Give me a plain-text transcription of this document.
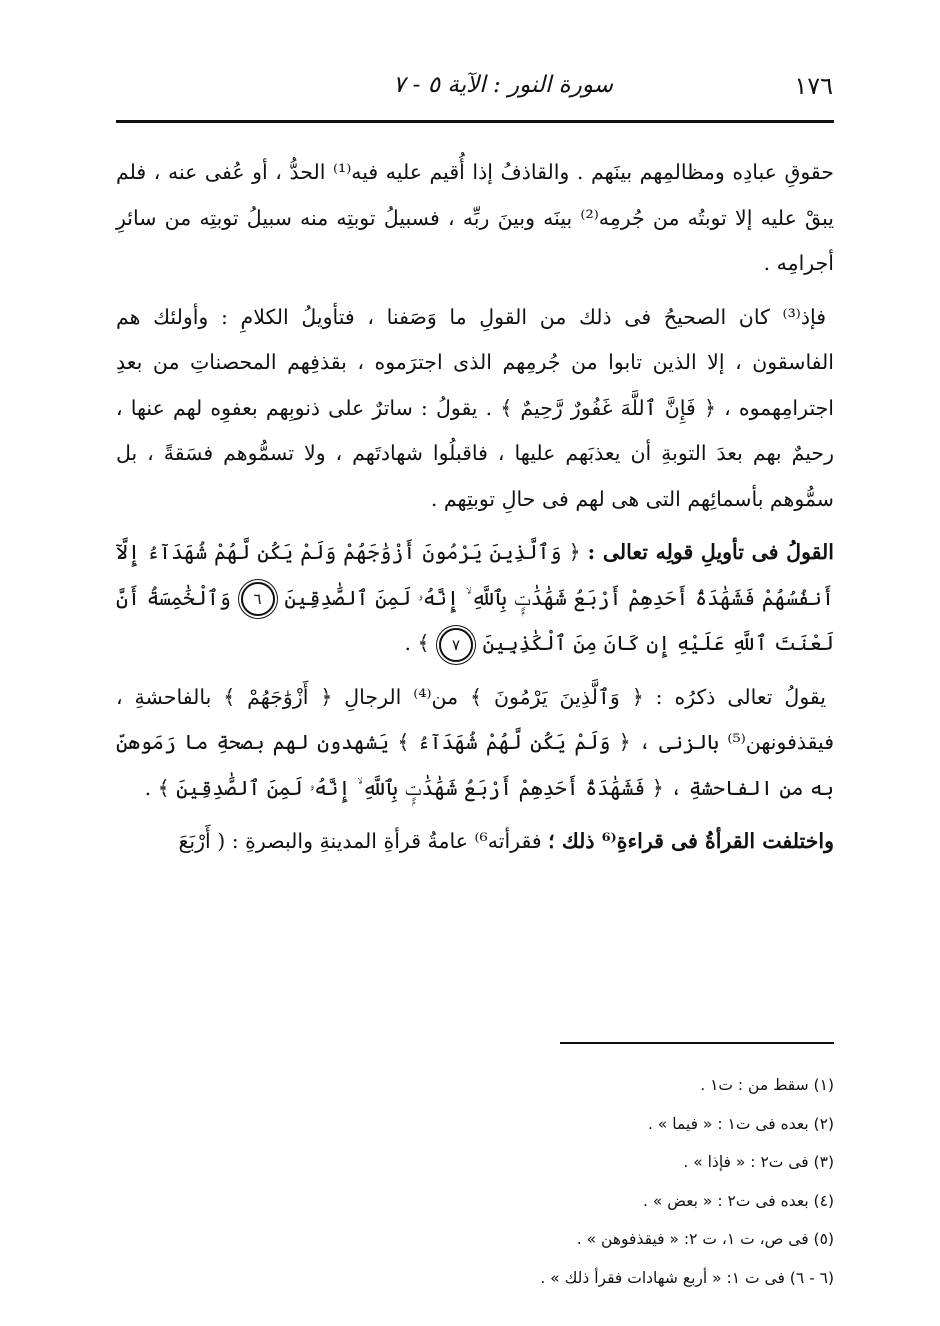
١٧٦
سورة النور : الآية ٥ - ٧

حقوقِ عبادِه ومظالمِهم بينَهم . والقاذفُ إذا أُقيم عليه فيه⁽¹⁾ الحدُّ ، أو عُفى عنه ، فلم يبقْ عليه إلا توبتُه من جُرمِه⁽²⁾ بينَه وبينَ ربِّه ، فسبيلُ توبتِه منه سبيلُ توبتِه من سائرِ أجرامِه .

فإذ⁽³⁾ كان الصحيحُ فى ذلك من القولِ ما وَصَفنا ، فتأويلُ الكلامِ : وأولئك هم الفاسقون ، إلا الذين تابوا من جُرمِهم الذى اجترَموه ، بقذفِهم المحصناتِ من بعدِ اجترامِهموه ، ﴿ فَإِنَّ ٱللَّهَ غَفُورٌ رَّحِيمٌ ﴾ . يقولُ : ساترٌ على ذنوبِهم بعفوِه لهم عنها ، رحيمٌ بهم بعدَ التوبةِ أن يعذبَهم عليها ، فاقبلُوا شهادتَهم ، ولا تسمُّوهم فسَقةً ، بل سمُّوهم بأسمائِهم التى هى لهم فى حالِ توبتِهم .

القولُ فى تأويلِ قولِه تعالى : ﴿ وَٱلَّذِينَ يَرْمُونَ أَزْوَٰجَهُمْ وَلَمْ يَكُن لَّهُمْ شُهَدَآءُ إِلَّآ أَنفُسُهُمْ فَشَهَٰدَةُ أَحَدِهِمْ أَرْبَعُ شَهَٰدَٰتٍۭ بِٱللَّهِ ۙ إِنَّهُۥ لَمِنَ ٱلصَّٰدِقِينَ ٦ وَٱلْخَٰمِسَةُ أَنَّ لَعْنَتَ ٱللَّهِ عَلَيْهِ إِن كَانَ مِنَ ٱلْكَٰذِبِينَ ٧ ﴾ .

يقولُ تعالى ذكرُه : ﴿ وَٱلَّذِينَ يَرْمُونَ ﴾ من⁽⁴⁾ الرجالِ ﴿ أَزْوَٰجَهُمْ ﴾ بالفاحشةِ ، فيقذفونهن⁽⁵⁾ بالزنى ، ﴿ وَلَمْ يَكُن لَّهُمْ شُهَدَآءُ ﴾ يَشهدون لهم بصحةِ ما رَمَوهنّ به من الفاحشةِ ، ﴿ فَشَهَٰدَةُ أَحَدِهِمْ أَرْبَعُ شَهَٰدَٰتٍۭ بِٱللَّهِ ۙ إِنَّهُۥ لَمِنَ ٱلصَّٰدِقِينَ ﴾ .

واختلفت القرأةُ فى قراءةِ⁽⁶ ذلك ؛ فقرأته⁶⁾ عامةُ قرأةِ المدينةِ والبصرةِ : ( أَرْبَعَ

(١) سقط من : ت١ .
(٢) بعده فى ت١ : « فيما » .
(٣) فى ت٢ : « فإذا » .
(٤) بعده فى ت٢ : « بعض » .
(٥) فى ص، ت ١، ت ٢: « فيقذفوهن » .
(٦ - ٦) فى ت ١: « أربع شهادات فقرأ ذلك » .
